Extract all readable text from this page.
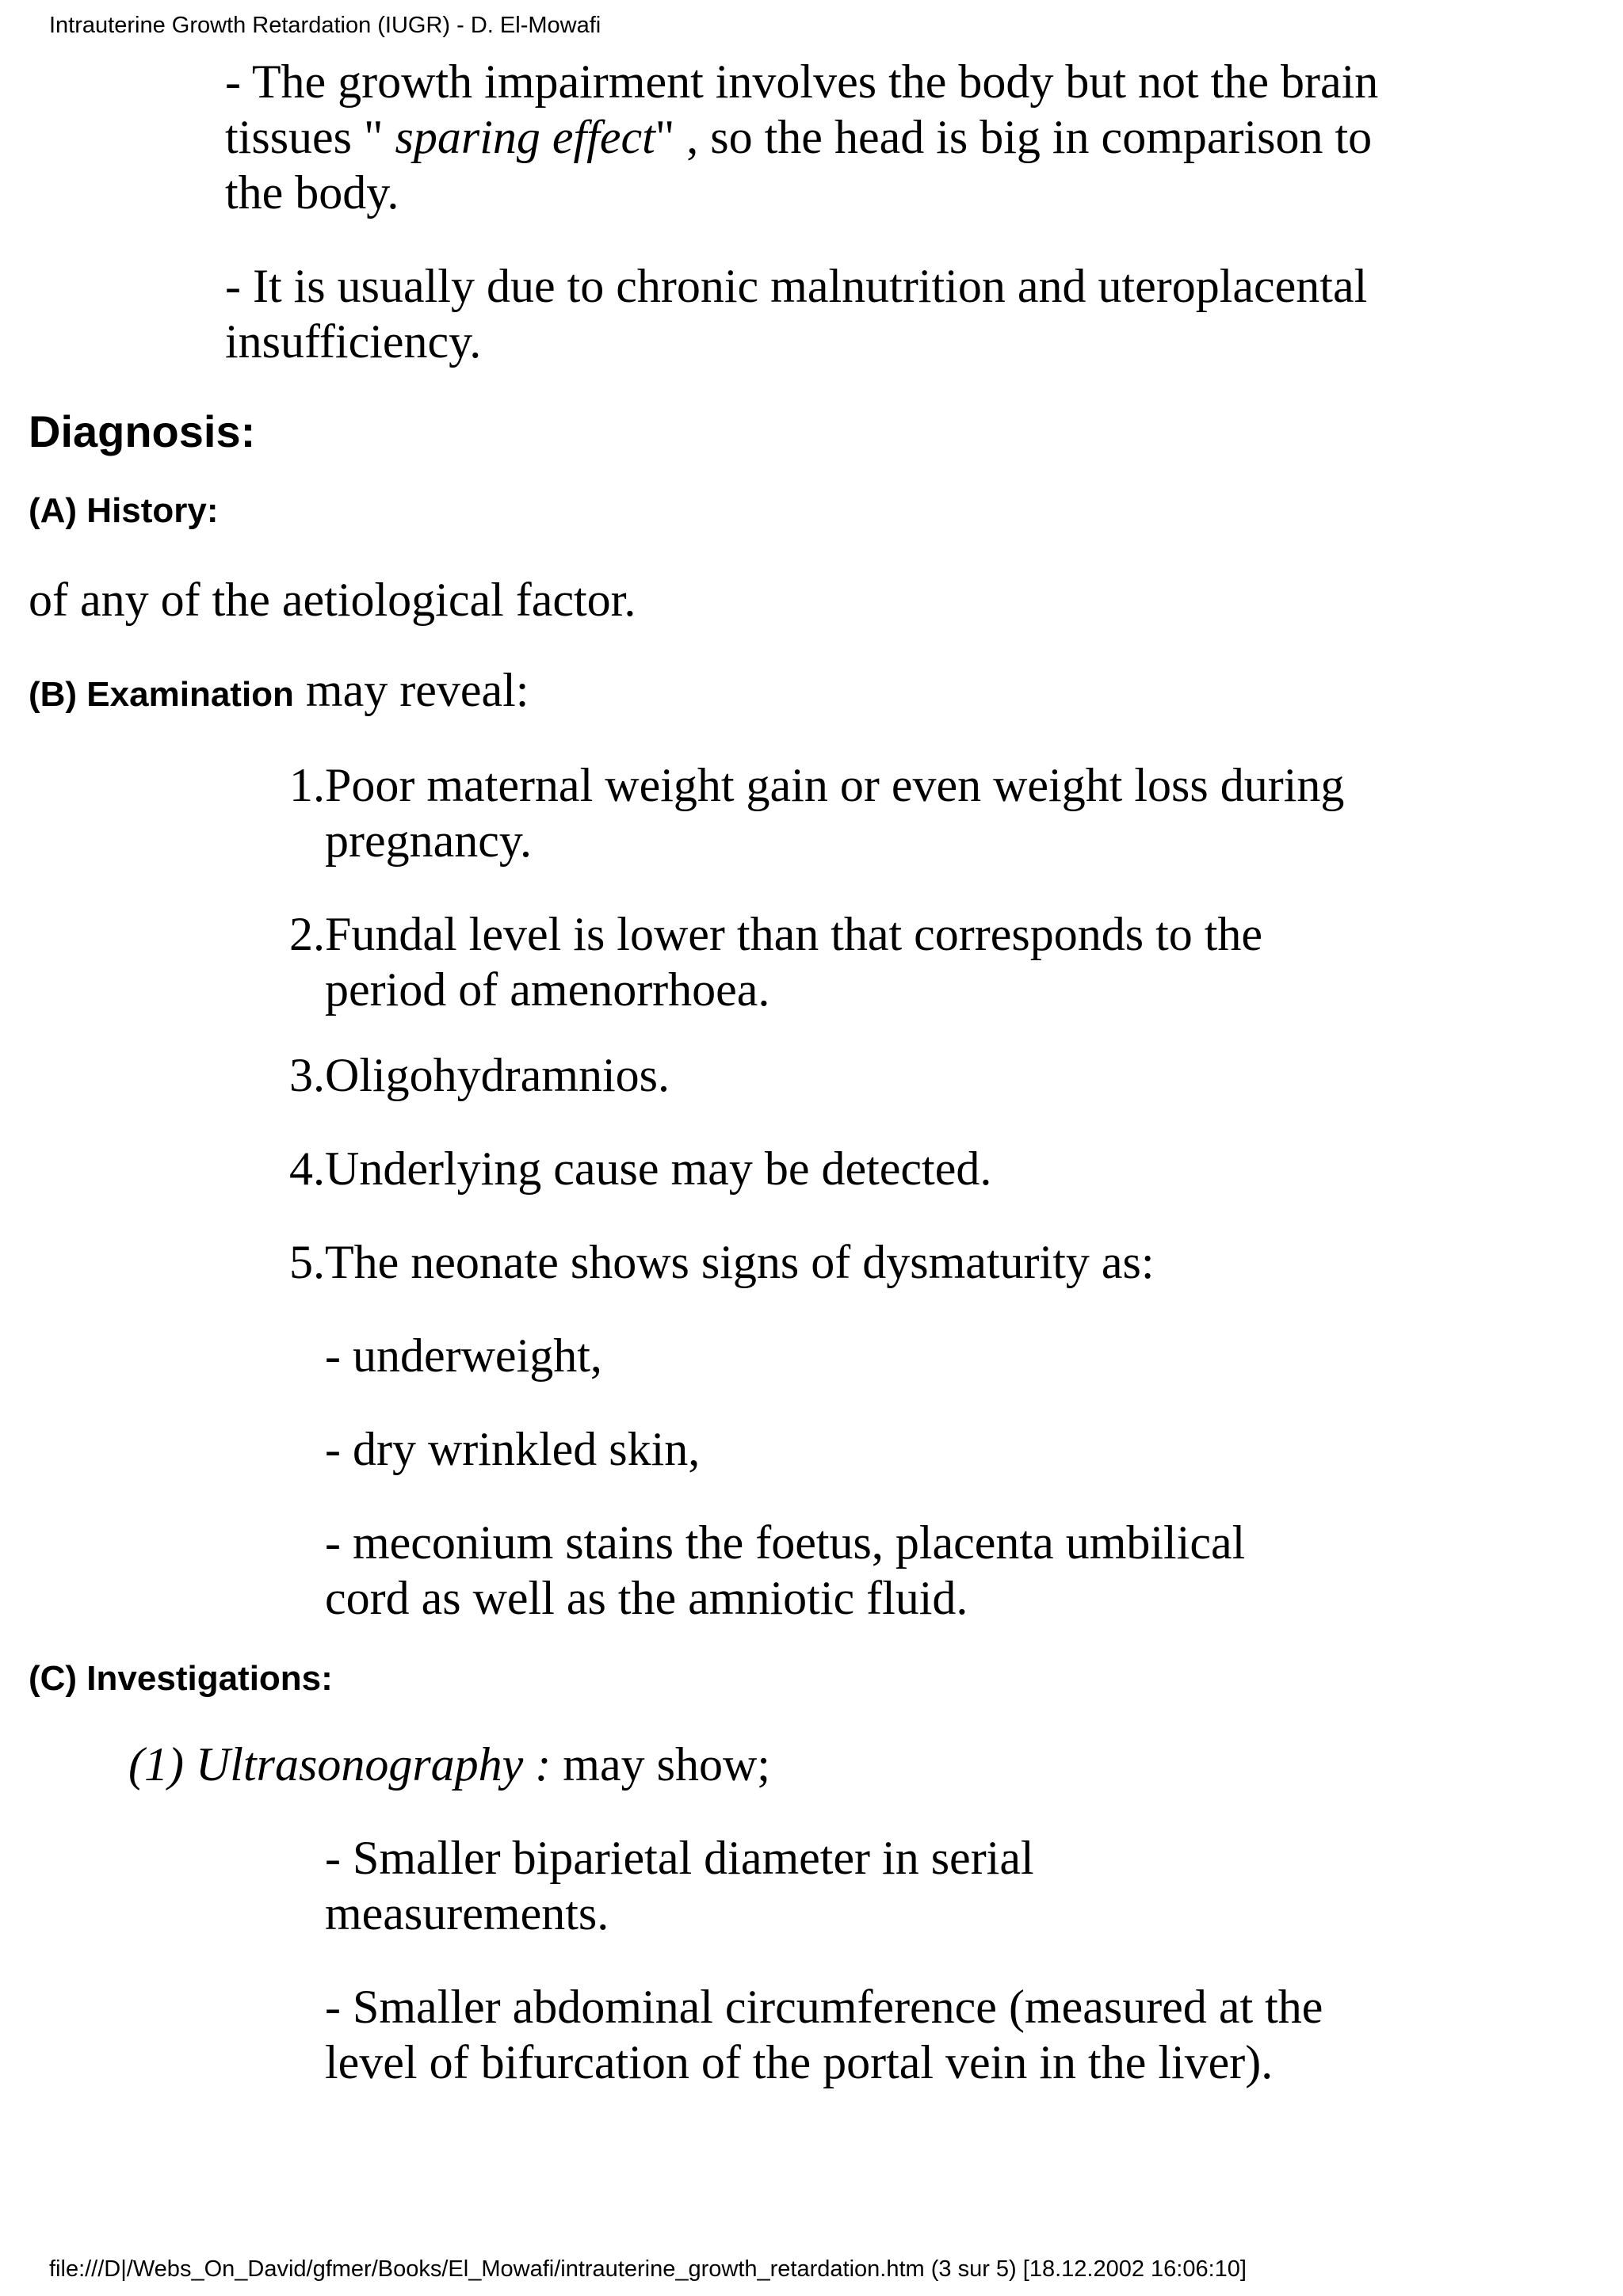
Intrauterine Growth Retardation (IUGR) - D. El-Mowafi

- The growth impairment involves the body but not the brain tissues " sparing effect" , so the head is big in comparison to the body.

- It is usually due to chronic malnutrition and uteroplacental insufficiency.

Diagnosis:
(A) History:

of any of the aetiological factor.

(B) Examination may reveal:
1. Poor maternal weight gain or even weight loss during pregnancy.
2. Fundal level is lower than that corresponds to the period of amenorrhoea.
3. Oligohydramnios.
4. Underlying cause may be detected.
5. The neonate shows signs of dysmaturity as:

- underweight,

- dry wrinkled skin,

- meconium stains the foetus, placenta umbilical cord as well as the amniotic fluid.

(C) Investigations:
(1) Ultrasonography : may show;

- Smaller biparietal diameter in serial measurements.

- Smaller abdominal circumference (measured at the level of bifurcation of the portal vein in the liver).

file:///D|/Webs_On_David/gfmer/Books/El_Mowafi/intrauterine_growth_retardation.htm (3 sur 5) [18.12.2002 16:06:10]
